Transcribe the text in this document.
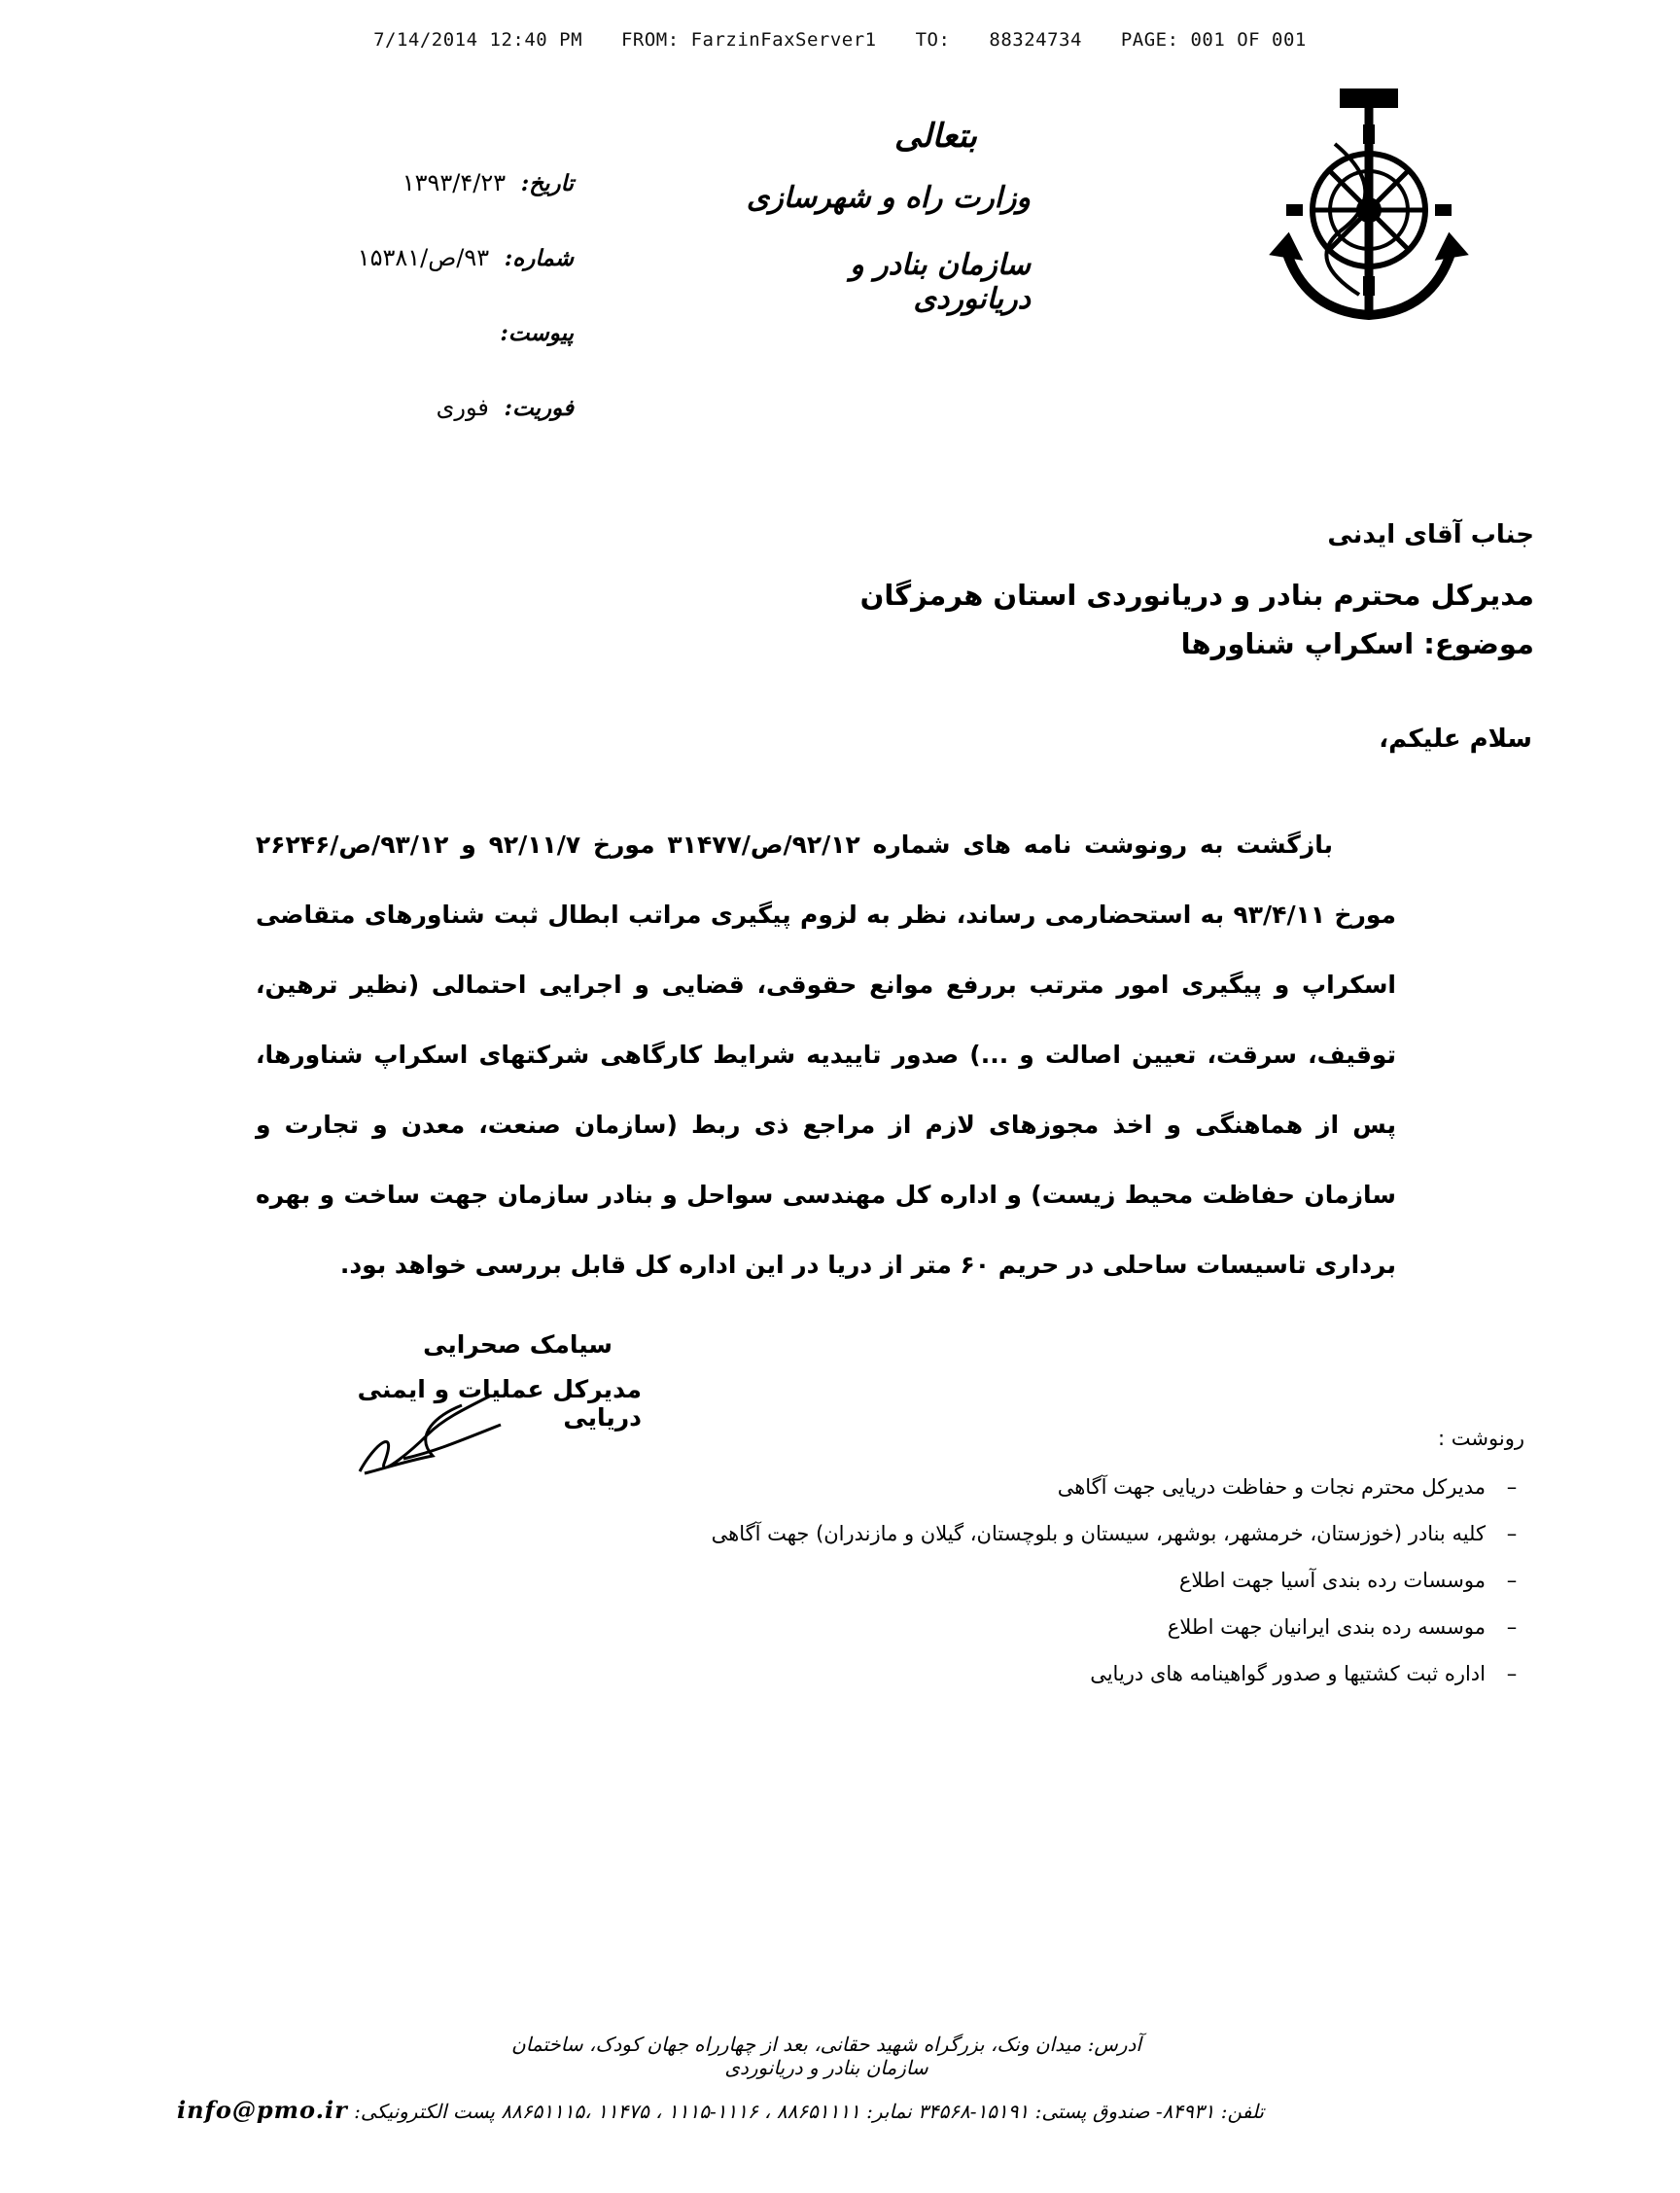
7/14/2014 12:40 PM FROM: FarzinFaxServer1 TO: 88324734 PAGE: 001 OF 001
بتعالی
وزارت راه و شهرسازی
سازمان بنادر و دریانوردی
تاریخ: ۱۳۹۳/۴/۲۳
شماره: ۹۳/ص/۱۵۳۸۱
پیوست:
فوریت: فوری
جناب آقای ایدنی
مدیرکل محترم بنادر و دریانوردی استان هرمزگان
موضوع: اسکراپ شناورها
سلام علیکم،
بازگشت به رونوشت نامه های شماره ۹۲/۱۲/ص/۳۱۴۷۷ مورخ ۹۲/۱۱/۷ و ۹۳/۱۲/ص/۲۶۲۴۶ مورخ ۹۳/۴/۱۱ به استحضارمی رساند، نظر به لزوم پیگیری مراتب ابطال ثبت شناورهای متقاضی اسکراپ و پیگیری امور مترتب بررفع موانع حقوقی، قضایی و اجرایی احتمالی (نظیر ترهین، توقیف، سرقت، تعیین اصالت و ...) صدور تاییدیه شرایط کارگاهی شرکتهای اسکراپ شناورها، پس از هماهنگی و اخذ مجوزهای لازم از مراجع ذی ربط (سازمان صنعت، معدن و تجارت و سازمان حفاظت محیط زیست) و اداره کل مهندسی سواحل و بنادر سازمان جهت ساخت و بهره برداری تاسیسات ساحلی در حریم ۶۰ متر از دریا در این اداره کل قابل بررسی خواهد بود.
سیامک صحرایی
مدیرکل عملیات و ایمنی دریایی
رونوشت :
–مدیرکل محترم نجات و حفاظت دریایی جهت آگاهی
–کلیه بنادر (خوزستان، خرمشهر، بوشهر، سیستان و بلوچستان، گیلان و مازندران) جهت آگاهی
–موسسات رده بندی آسیا جهت اطلاع
–موسسه رده بندی ایرانیان جهت اطلاع
–اداره ثبت کشتیها و صدور گواهینامه های دریایی
آدرس: میدان ونک، بزرگراه شهید حقانی، بعد از چهارراه جهان کودک، ساختمان سازمان بنادر و دریانوردی
تلفن: ۸۴۹۳۱- صندوق پستی: ۱۵۱۹۱-۳۴۵۶۸ نمابر: ۸۸۶۵۱۱۱۱ ، ۱۱۱۶-۱۱۱۵ ، ۱۱۴۷۵ ،۸۸۶۵۱۱۱۵ پست الکترونیکی: info@pmo.ir
